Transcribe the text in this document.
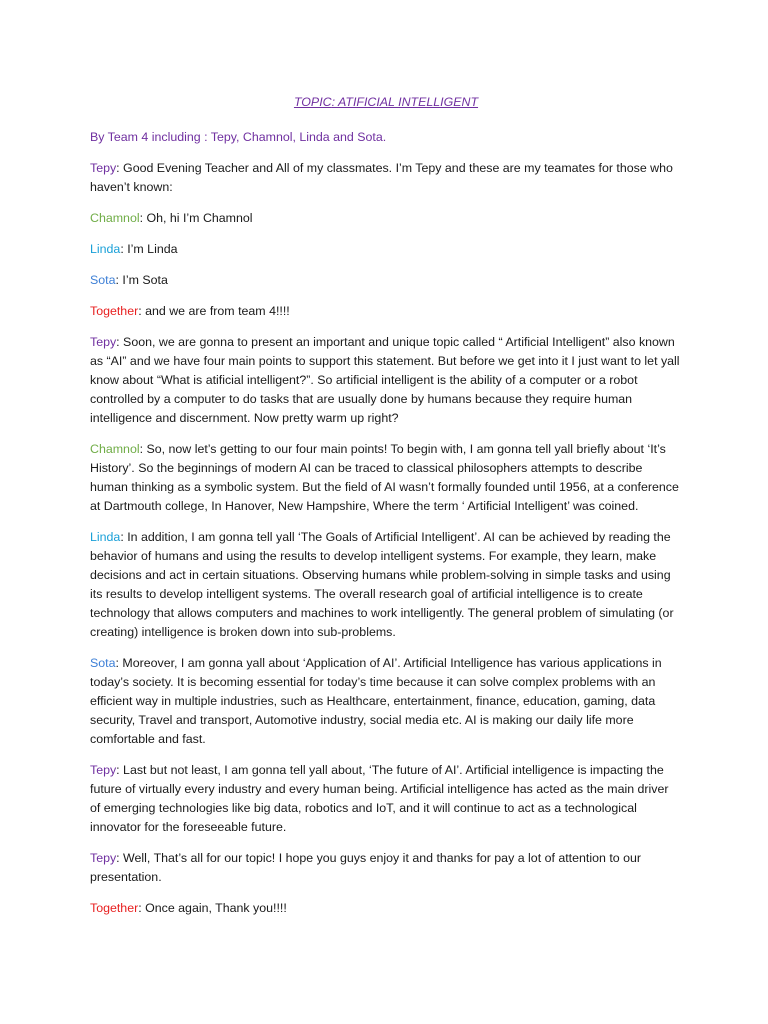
TOPIC: ATIFICIAL INTELLIGENT
By Team 4 including : Tepy, Chamnol, Linda and Sota.

Tepy: Good Evening Teacher and All of my classmates. I’m Tepy and these are my teamates for those who haven’t known:

Chamnol: Oh, hi I’m Chamnol

Linda: I’m Linda

Sota: I’m Sota

Together: and we are from team 4!!!!

Tepy: Soon, we are gonna to present an important and unique topic called “ Artificial Intelligent” also known as “AI” and we have four main points to support this statement. But before we get into it I just want to let yall know about “What is atificial intelligent?”. So artificial intelligent is the ability of a computer or a robot controlled by a computer to do tasks that are usually done by humans because they require human intelligence and discernment. Now pretty warm up right?

Chamnol: So, now let’s getting to our four main points! To begin with, I am gonna tell yall briefly about ‘It’s History’. So the beginnings of modern AI can be traced to classical philosophers attempts to describe human thinking as a symbolic system. But the field of AI wasn’t formally founded until 1956, at a conference at Dartmouth college, In Hanover, New Hampshire, Where the term ‘ Artificial Intelligent’ was coined.

Linda: In addition, I am gonna tell yall ‘The Goals of Artificial Intelligent’. AI can be achieved by reading the behavior of humans and using the results to develop intelligent systems. For example, they learn, make decisions and act in certain situations. Observing humans while problem-solving in simple tasks and using its results to develop intelligent systems. The overall research goal of artificial intelligence is to create technology that allows computers and machines to work intelligently. The general problem of simulating (or creating) intelligence is broken down into sub-problems.

Sota: Moreover, I am gonna yall about ‘Application of AI’. Artificial Intelligence has various applications in today’s society. It is becoming essential for today’s time because it can solve complex problems with an efficient way in multiple industries, such as Healthcare, entertainment, finance, education, gaming, data security, Travel and transport, Automotive industry, social media etc. AI is making our daily life more comfortable and fast.

Tepy: Last but not least, I am gonna tell yall about, ‘The future of AI’. Artificial intelligence is impacting the future of virtually every industry and every human being. Artificial intelligence has acted as the main driver of emerging technologies like big data, robotics and IoT, and it will continue to act as a technological innovator for the foreseeable future.

Tepy: Well, That’s all for our topic! I hope you guys enjoy it and thanks for pay a lot of attention to our presentation.

Together: Once again, Thank you!!!!
